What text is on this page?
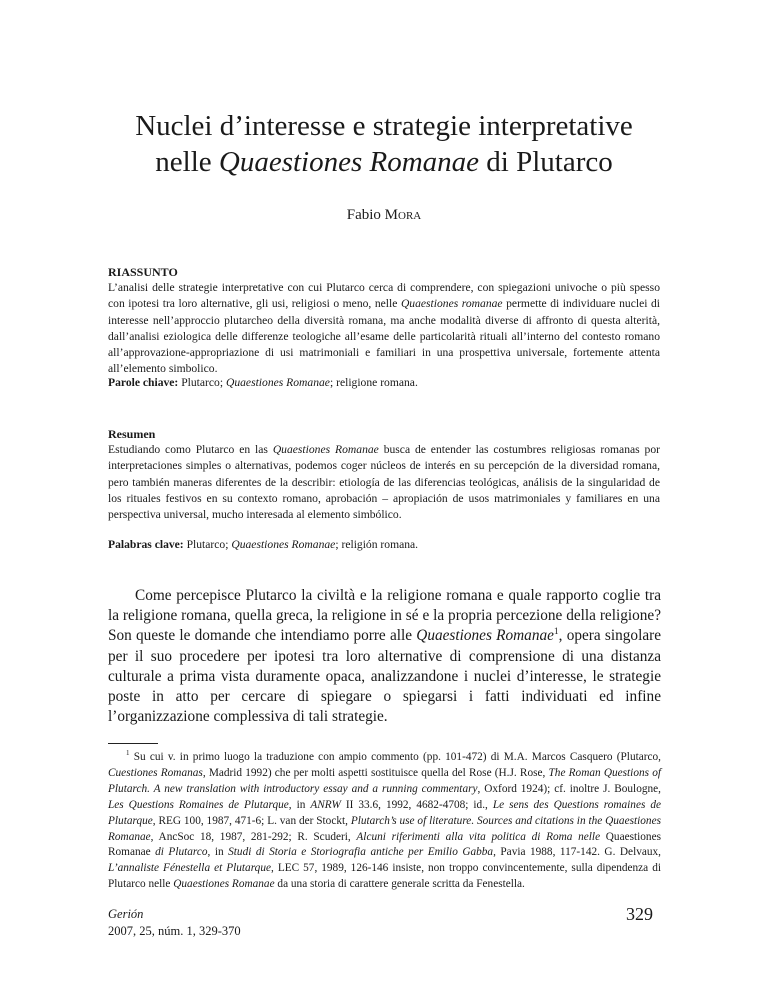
Nuclei d’interesse e strategie interpretative
nelle Quaestiones Romanae di Plutarco
Fabio Mora
RIASSUNTO
L’analisi delle strategie interpretative con cui Plutarco cerca di comprendere, con spiegazioni univoche o più spesso con ipotesi tra loro alternative, gli usi, religiosi o meno, nelle Quaestiones romanae permette di individuare nuclei di interesse nell’approccio plutarcheo della diversità romana, ma anche modalità diverse di affronto di questa alterità, dall’analisi eziologica delle differenze teologiche all’esame delle particolarità rituali all’interno del contesto romano all’approvazione-appropriazione di usi matrimoniali e familiari in una prospettiva universale, fortemente attenta all’elemento simbolico.
Parole chiave: Plutarco; Quaestiones Romanae; religione romana.
Resumen
Estudiando como Plutarco en las Quaestiones Romanae busca de entender las costumbres religiosas romanas por interpretaciones simples o alternativas, podemos coger núcleos de interés en su percepción de la diversidad romana, pero también maneras diferentes de la describir: etiología de las diferencias teológicas, análisis de la singularidad de los rituales festivos en su contexto romano, aprobación – apropiación de usos matrimoniales y familiares en una perspectiva universal, mucho interesada al elemento simbólico.
Palabras clave: Plutarco; Quaestiones Romanae; religión romana.

Come percepisce Plutarco la civiltà e la religione romana e quale rapporto coglie tra la religione romana, quella greca, la religione in sé e la propria percezione della religione? Son queste le domande che intendiamo porre alle Quaestiones Romanae$^1$, opera singolare per il suo procedere per ipotesi tra loro alternative di comprensione di una distanza culturale a prima vista duramente opaca, analizzandone i nuclei d’interesse, le strategie poste in atto per cercare di spiegare o spiegarsi i fatti individuati ed infine l’organizzazione complessiva di tali strategie.

$^1$ Su cui v. in primo luogo la traduzione con ampio commento (pp. 101-472) di M.A. Marcos Casquero (Plutarco, Cuestiones Romanas, Madrid 1992) che per molti aspetti sostituisce quella del Rose (H.J. Rose, The Roman Questions of Plutarch. A new translation with introductory essay and a running commentary, Oxford 1924); cf. inoltre J. Boulogne, Les Questions Romaines de Plutarque, in ANRW II 33.6, 1992, 4682-4708; id., Le sens des Questions romaines de Plutarque, REG 100, 1987, 471-6; L. van der Stockt, Plutarch’s use of literature. Sources and citations in the Quaestiones Romanae, AncSoc 18, 1987, 281-292; R. Scuderi, Alcuni riferimenti alla vita politica di Roma nelle Quaestiones Romanae di Plutarco, in Studi di Storia e Storiografia antiche per Emilio Gabba, Pavia 1988, 117-142. G. Delvaux, L’annaliste Fénestella et Plutarque, LEC 57, 1989, 126-146 insiste, non troppo convincentemente, sulla dipendenza di Plutarco nelle Quaestiones Romanae da una storia di carattere generale scritta da Fenestella.

Gerión
2007, 25, núm. 1, 329-370
329
